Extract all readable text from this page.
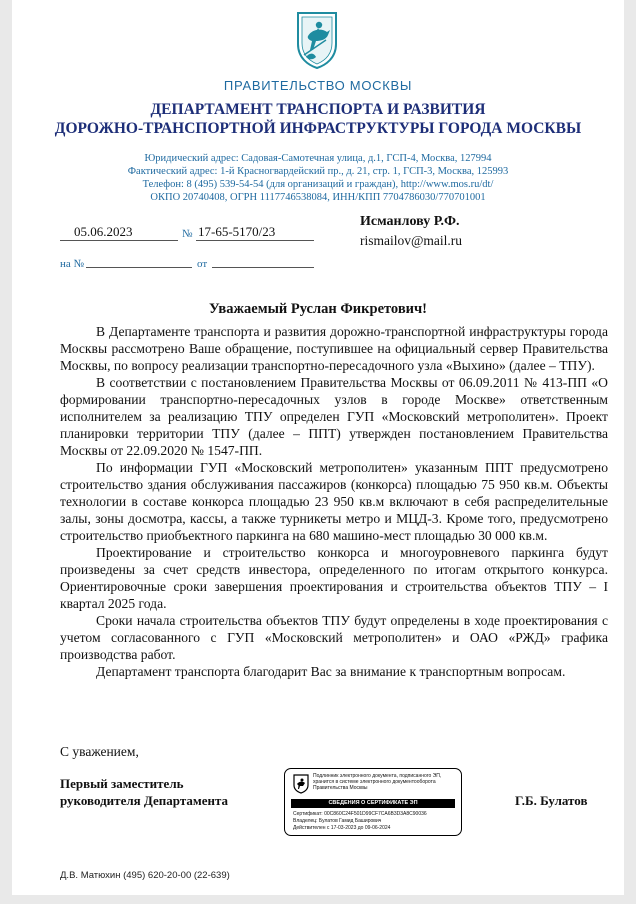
ПРАВИТЕЛЬСТВО МОСКВЫ
ДЕПАРТАМЕНТ ТРАНСПОРТА И РАЗВИТИЯ
ДОРОЖНО-ТРАНСПОРТНОЙ ИНФРАСТРУКТУРЫ ГОРОДА МОСКВЫ
Юридический адрес: Садовая-Самотечная улица, д.1, ГСП-4, Москва, 127994
Фактический адрес: 1-й Красногвардейский пр., д. 21, стр. 1, ГСП-3, Москва, 125993
Телефон: 8 (495) 539-54-54 (для организаций и граждан), http://www.mos.ru/dt/
ОКПО 20740408, ОГРН 1117746538084, ИНН/КПП 7704786030/770701001
05.06.2023	№ 17-65-5170/23
на №	от
Исманлову Р.Ф.
rismailov@mail.ru
Уважаемый Руслан Фикретович!

В Департаменте транспорта и развития дорожно-транспортной инфраструктуры города Москвы рассмотрено Ваше обращение, поступившее на официальный сервер Правительства Москвы, по вопросу реализации транспортно-пересадочного узла «Выхино» (далее – ТПУ).

В соответствии с постановлением Правительства Москвы от 06.09.2011 № 413-ПП «О формировании транспортно-пересадочных узлов в городе Москве» ответственным исполнителем за реализацию ТПУ определен ГУП «Московский метрополитен». Проект планировки территории ТПУ (далее – ППТ) утвержден постановлением Правительства Москвы от 22.09.2020 № 1547-ПП.

По информации ГУП «Московский метрополитен» указанным ППТ предусмотрено строительство здания обслуживания пассажиров (конкорса) площадью 75 950 кв.м. Объекты технологии в составе конкорса площадью 23 950 кв.м включают в себя распределительные залы, зоны досмотра, кассы, а также турникеты метро и МЦД-3. Кроме того, предусмотрено строительство приобъектного паркинга на 680 машино-мест площадью 30 000 кв.м.

Проектирование и строительство конкорса и многоуровневого паркинга будут произведены за счет средств инвестора, определенного по итогам открытого конкурса. Ориентировочные сроки завершения проектирования и строительства объектов ТПУ – I квартал 2025 года.

Сроки начала строительства объектов ТПУ будут определены в ходе проектирования с учетом согласованного с ГУП «Московский метрополитен» и ОАО «РЖД» графика производства работ.

Департамент транспорта благодарит Вас за внимание к транспортным вопросам.

С уважением,
Первый заместитель
руководителя Департамента	Г.Б. Булатов
Подлинник электронного документа, подписанного ЭП,
хранится в системе электронного документооборота
Правительства Москвы
СВЕДЕНИЯ О СЕРТИФИКАТЕ ЭП
Сертификат: 00C860C24F501D99CF7CA6B3D3A8C90036
Владелец: Булатов Гамид Баширович
Действителен с 17-03-2023 до 09-06-2024
Д.В. Матюхин (495) 620-20-00 (22-639)
